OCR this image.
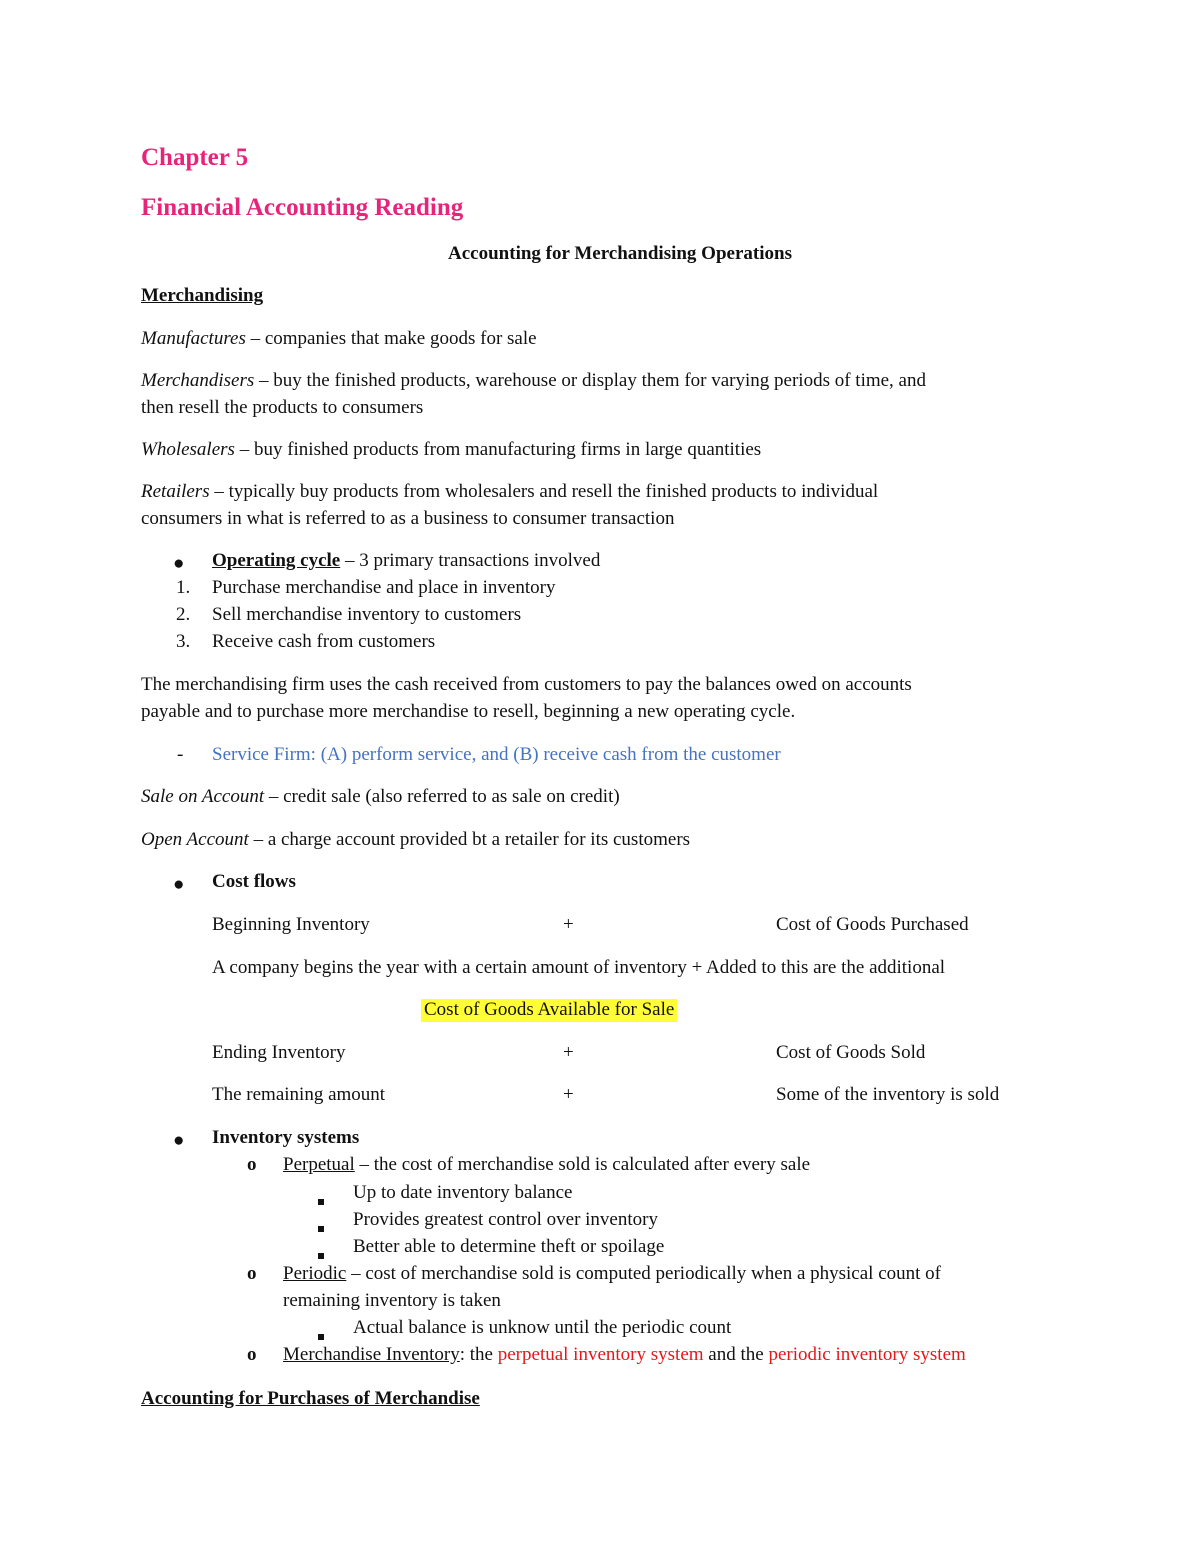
Chapter 5
Financial Accounting Reading
Accounting for Merchandising Operations
Merchandising
Manufactures – companies that make goods for sale
Merchandisers – buy the finished products, warehouse or display them for varying periods of time, and
then resell the products to consumers
Wholesalers – buy finished products from manufacturing firms in large quantities
Retailers – typically buy products from wholesalers and resell the finished products to individual
consumers in what is referred to as a business to consumer transaction
● Operating cycle – 3 primary transactions involved
1. Purchase merchandise and place in inventory
2. Sell merchandise inventory to customers
3. Receive cash from customers
The merchandising firm uses the cash received from customers to pay the balances owed on accounts
payable and to purchase more merchandise to resell, beginning a new operating cycle.
- Service Firm: (A) perform service, and (B) receive cash from the customer
Sale on Account – credit sale (also referred to as sale on credit)
Open Account – a charge account provided bt a retailer for its customers
● Cost flows
Beginning Inventory	+	Cost of Goods Purchased
A company begins the year with a certain amount of inventory + Added to this are the additional
Cost of Goods Available for Sale
Ending Inventory	+	Cost of Goods Sold
The remaining amount	+	Some of the inventory is sold
● Inventory systems
o Perpetual – the cost of merchandise sold is calculated after every sale
Up to date inventory balance
Provides greatest control over inventory
Better able to determine theft or spoilage
o Periodic – cost of merchandise sold is computed periodically when a physical count of
remaining inventory is taken
Actual balance is unknow until the periodic count
o Merchandise Inventory: the perpetual inventory system and the periodic inventory system
Accounting for Purchases of Merchandise
